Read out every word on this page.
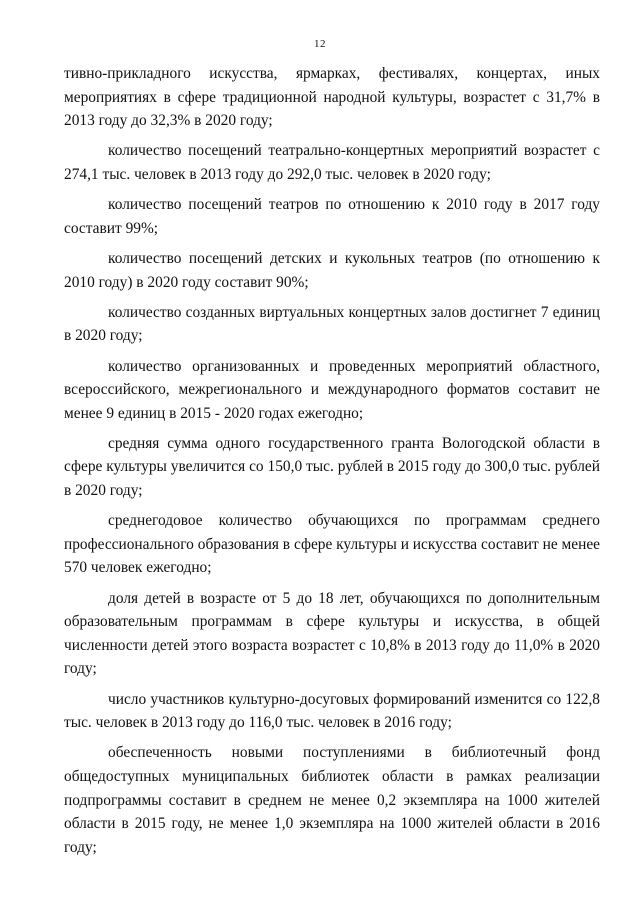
12

тивно-прикладного искусства, ярмарках, фестивалях, концертах, иных мероприятиях в сфере традиционной народной культуры, возрастет с 31,7% в 2013 году до 32,3% в 2020 году;

количество посещений театрально-концертных мероприятий возрастет с 274,1 тыс. человек в 2013 году до 292,0 тыс. человек в 2020 году;

количество посещений театров по отношению к 2010 году в 2017 году составит 99%;

количество посещений детских и кукольных театров (по отношению к 2010 году) в 2020 году составит 90%;

количество созданных виртуальных концертных залов достигнет 7 единиц в 2020 году;

количество организованных и проведенных мероприятий областного, всероссийского, межрегионального и международного форматов составит не менее 9 единиц в 2015 - 2020 годах ежегодно;

средняя сумма одного государственного гранта Вологодской области в сфере культуры увеличится со 150,0 тыс. рублей в 2015 году до 300,0 тыс. рублей в 2020 году;

среднегодовое количество обучающихся по программам среднего профессионального образования в сфере культуры и искусства составит не менее 570 человек ежегодно;

доля детей в возрасте от 5 до 18 лет, обучающихся по дополнительным образовательным программам в сфере культуры и искусства, в общей численности детей этого возраста возрастет с 10,8% в 2013 году до 11,0% в 2020 году;

число участников культурно-досуговых формирований изменится со 122,8 тыс. человек в 2013 году до 116,0 тыс. человек в 2016 году;

обеспеченность новыми поступлениями в библиотечный фонд общедоступных муниципальных библиотек области в рамках реализации подпрограммы составит в среднем не менее 0,2 экземпляра на 1000 жителей области в 2015 году, не менее 1,0 экземпляра на 1000 жителей области в 2016 году;
